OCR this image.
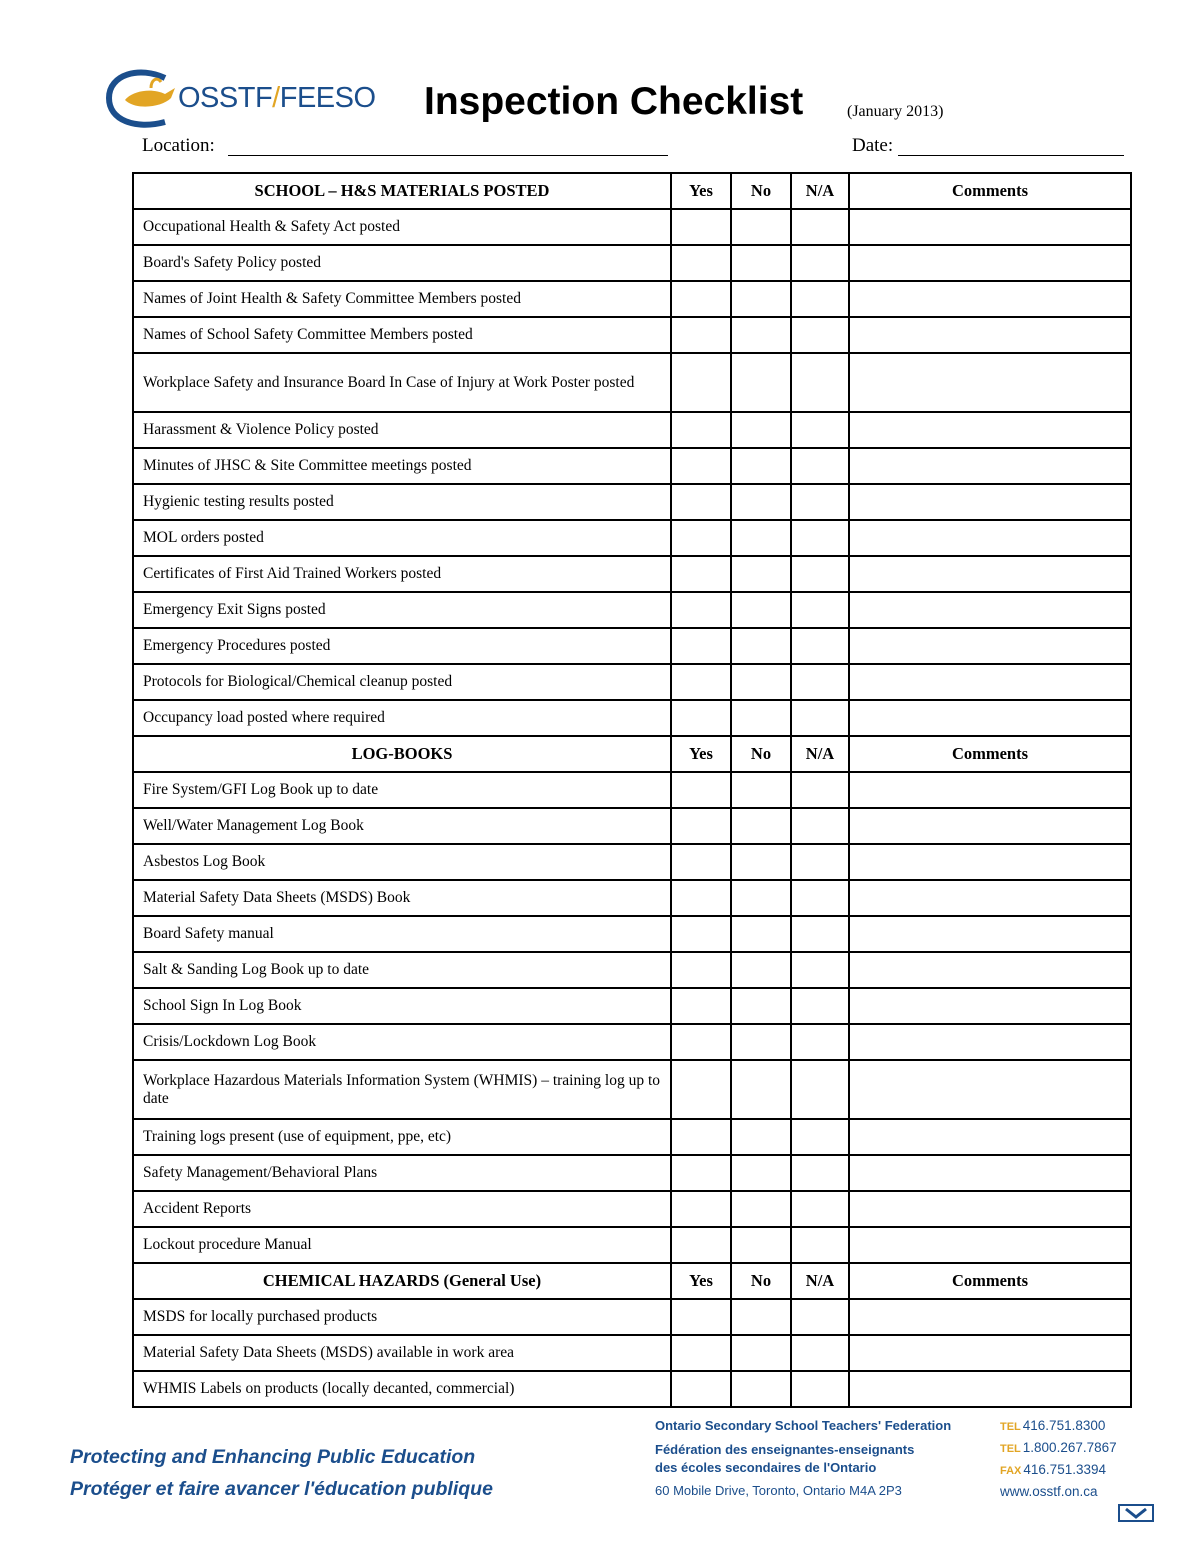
OSSTF/FEESO Inspection Checklist	(January 2013)
Location:	Date:
SCHOOL – H&S MATERIALS POSTED	Yes	No	N/A	Comments
Occupational Health & Safety Act posted				
Board's Safety Policy posted				
Names of Joint Health & Safety Committee Members posted				
Names of School Safety Committee Members posted				
Workplace Safety and Insurance Board In Case of Injury at Work Poster posted				
Harassment & Violence Policy posted				
Minutes of JHSC & Site Committee meetings posted				
Hygienic testing results posted				
MOL orders posted				
Certificates of First Aid Trained Workers posted				
Emergency Exit Signs posted				
Emergency Procedures posted				
Protocols for Biological/Chemical cleanup posted				
Occupancy load posted where required				
LOG-BOOKS	Yes	No	N/A	Comments
Fire System/GFI Log Book up to date				
Well/Water Management Log Book				
Asbestos Log Book				
Material Safety Data Sheets (MSDS) Book				
Board Safety manual				
Salt & Sanding Log Book up to date				
School Sign In Log Book				
Crisis/Lockdown Log Book				
Workplace Hazardous Materials Information System (WHMIS) – training log up to date				
Training logs present (use of equipment, ppe, etc)				
Safety Management/Behavioral Plans				
Accident Reports				
Lockout procedure Manual				
CHEMICAL HAZARDS (General Use)	Yes	No	N/A	Comments
MSDS for locally purchased products				
Material Safety Data Sheets (MSDS) available in work area				
WHMIS Labels on products (locally decanted, commercial)				
Protecting and Enhancing Public Education
Protéger et faire avancer l'éducation publique
Ontario Secondary School Teachers' Federation
Fédération des enseignantes-enseignants
des écoles secondaires de l'Ontario
60 Mobile Drive, Toronto, Ontario M4A 2P3
TEL 416.751.8300
TEL 1.800.267.7867
FAX 416.751.3394
www.osstf.on.ca
